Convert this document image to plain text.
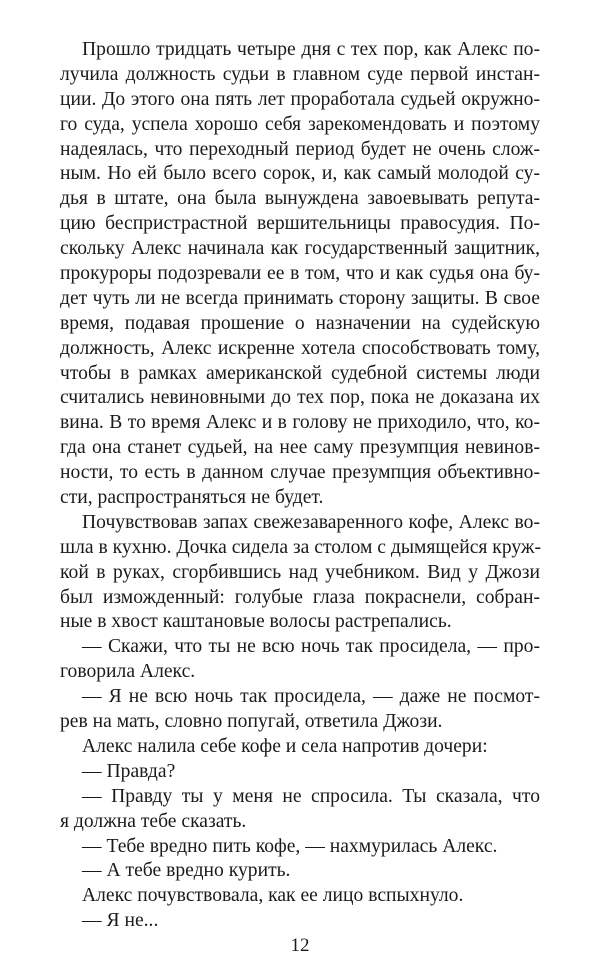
Прошло тридцать четыре дня с тех пор, как Алекс по-
лучила должность судьи в главном суде первой инстан-
ции. До этого она пять лет проработала судьей окружно-
го суда, успела хорошо себя зарекомендовать и поэтому
надеялась, что переходный период будет не очень слож-
ным. Но ей было всего сорок, и, как самый молодой су-
дья в штате, она была вынуждена завоевывать репута-
цию беспристрастной вершительницы правосудия. По-
скольку Алекс начинала как государственный защитник,
прокуроры подозревали ее в том, что и как судья она бу-
дет чуть ли не всегда принимать сторону защиты. В свое
время, подавая прошение о назначении на судейскую
должность, Алекс искренне хотела способствовать тому,
чтобы в рамках американской судебной системы люди
считались невиновными до тех пор, пока не доказана их
вина. В то время Алекс и в голову не приходило, что, ко-
гда она станет судьей, на нее саму презумпция невинов-
ности, то есть в данном случае презумпция объективно-
сти, распространяться не будет.
Почувствовав запах свежезаваренного кофе, Алекс во-
шла в кухню. Дочка сидела за столом с дымящейся круж-
кой в руках, сгорбившись над учебником. Вид у Джози
был изможденный: голубые глаза покраснели, собран-
ные в хвост каштановые волосы растрепались.
— Скажи, что ты не всю ночь так просидела, — про-
говорила Алекс.
— Я не всю ночь так просидела, — даже не посмот-
рев на мать, словно попугай, ответила Джози.
Алекс налила себе кофе и села напротив дочери:
— Правда?
— Правду ты у меня не спросила. Ты сказала, что
я должна тебе сказать.
— Тебе вредно пить кофе, — нахмурилась Алекс.
— А тебе вредно курить.
Алекс почувствовала, как ее лицо вспыхнуло.
— Я не...
12
